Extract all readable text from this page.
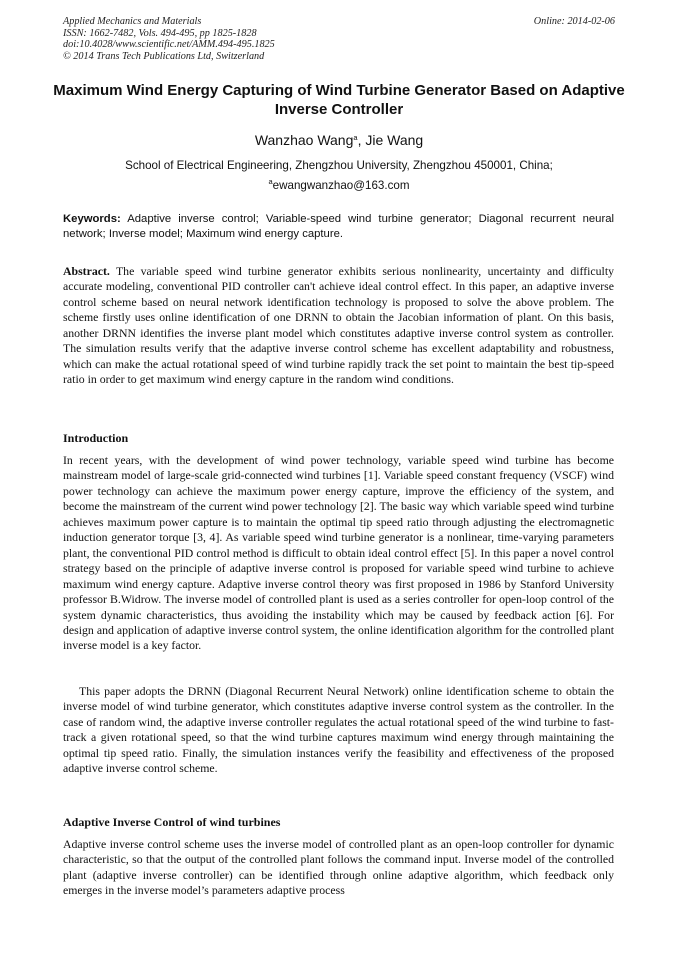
Applied Mechanics and Materials
ISSN: 1662-7482, Vols. 494-495, pp 1825-1828
doi:10.4028/www.scientific.net/AMM.494-495.1825
© 2014 Trans Tech Publications Ltd, Switzerland
Online: 2014-02-06
Maximum Wind Energy Capturing of Wind Turbine Generator Based on Adaptive Inverse Controller
Wanzhao Wang$^a$, Jie Wang
School of Electrical Engineering, Zhengzhou University, Zhengzhou 450001, China;
$^a$ewangwanzhao@163.com
Keywords: Adaptive inverse control; Variable-speed wind turbine generator; Diagonal recurrent neural network; Inverse model; Maximum wind energy capture.
Abstract. The variable speed wind turbine generator exhibits serious nonlinearity, uncertainty and difficulty accurate modeling, conventional PID controller can't achieve ideal control effect. In this paper, an adaptive inverse control scheme based on neural network identification technology is proposed to solve the above problem. The scheme firstly uses online identification of one DRNN to obtain the Jacobian information of plant. On this basis, another DRNN identifies the inverse plant model which constitutes adaptive inverse control system as controller. The simulation results verify that the adaptive inverse control scheme has excellent adaptability and robustness, which can make the actual rotational speed of wind turbine rapidly track the set point to maintain the best tip-speed ratio in order to get maximum wind energy capture in the random wind conditions.
Introduction

In recent years, with the development of wind power technology, variable speed wind turbine has become mainstream model of large-scale grid-connected wind turbines [1]. Variable speed constant frequency (VSCF) wind power technology can achieve the maximum power energy capture, improve the efficiency of the system, and become the mainstream of the current wind power technology [2]. The basic way which variable speed wind turbine achieves maximum power capture is to maintain the optimal tip speed ratio through adjusting the electromagnetic induction generator torque [3, 4]. As variable speed wind turbine generator is a nonlinear, time-varying parameters plant, the conventional PID control method is difficult to obtain ideal control effect [5]. In this paper a novel control strategy based on the principle of adaptive inverse control is proposed for variable speed wind turbine to achieve maximum wind energy capture. Adaptive inverse control theory was first proposed in 1986 by Stanford University professor B.Widrow. The inverse model of controlled plant is used as a series controller for open-loop control of the system dynamic characteristics, thus avoiding the instability which may be caused by feedback action [6]. For design and application of adaptive inverse control system, the online identification algorithm for the controlled plant inverse model is a key factor.

This paper adopts the DRNN (Diagonal Recurrent Neural Network) online identification scheme to obtain the inverse model of wind turbine generator, which constitutes adaptive inverse control system as the controller. In the case of random wind, the adaptive inverse controller regulates the actual rotational speed of the wind turbine to fast-track a given rotational speed, so that the wind turbine captures maximum wind energy through maintaining the optimal tip speed ratio. Finally, the simulation instances verify the feasibility and effectiveness of the proposed adaptive inverse control scheme.

Adaptive Inverse Control of wind turbines

Adaptive inverse control scheme uses the inverse model of controlled plant as an open-loop controller for dynamic characteristic, so that the output of the controlled plant follows the command input. Inverse model of the controlled plant (adaptive inverse controller) can be identified through online adaptive algorithm, which feedback only emerges in the inverse model’s parameters adaptive process
